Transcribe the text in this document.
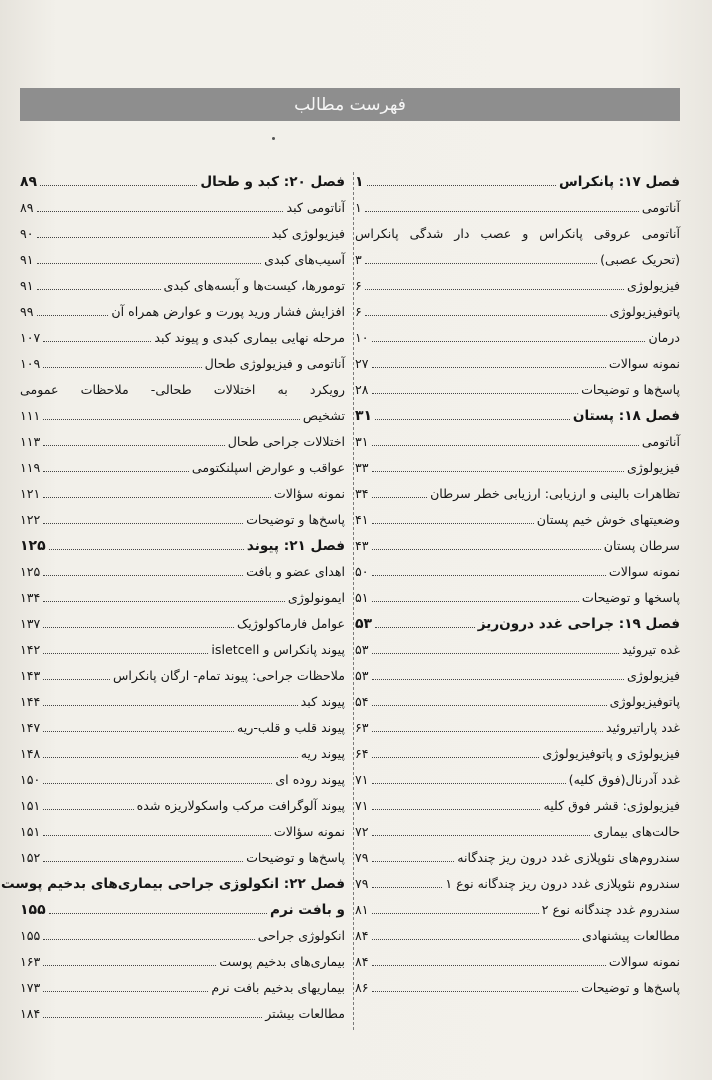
فهرست مطالب
فصل ۱۷: پانکراس
۱
آناتومی
۱
آناتومی عروقی پانکراس و عصب دار شدگی پانکراس
(تحریک عصبی)
۳
فیزیولوژی
۶
پاتوفیزیولوژی
۶
درمان
۱۰
نمونه سوالات
۲۷
پاسخ‌ها و توضیحات
۲۸
فصل ۱۸: پستان
۳۱
آناتومی
۳۱
فیزیولوژی
۳۳
تظاهرات بالینی و ارزیابی: ارزیابی خطر سرطان
۳۴
وضعیتهای خوش خیم پستان
۴۱
سرطان پستان
۴۳
نمونه سوالات
۵۰
پاسخها و توضیحات
۵۱
فصل ۱۹: جراحی غدد درون‌ریز
۵۳
غده تیروئید
۵۳
فیزیولوژی
۵۳
پاتوفیزیولوژی
۵۴
غدد پاراتیروئید
۶۳
فیزیولوژی و پاتوفیزیولوژی
۶۴
غدد آدرنال(فوق کلیه)
۷۱
فیزیولوژی: قشر فوق کلیه
۷۱
حالت‌های بیماری
۷۲
سندروم‌های نئوپلازی غدد درون ریز چندگانه
۷۹
سندروم نئوپلازی غدد درون ریز چندگانه نوع ۱
۷۹
سندروم غدد چندگانه نوع ۲
۸۱
مطالعات پیشنهادی
۸۴
نمونه سوالات
۸۴
پاسخ‌ها و توضیحات
۸۶
فصل ۲۰: کبد و طحال
۸۹
آناتومی کبد
۸۹
فیزیولوژی کبد
۹۰
آسیب‌های کبدی
۹۱
تومورها، کیست‌ها و آبسه‌های کبدی
۹۱
افزایش فشار ورید پورت و عوارض همراه آن
۹۹
مرحله نهایی بیماری کبدی و پیوند کبد
۱۰۷
آناتومی و فیزیولوژی طحال
۱۰۹
رویکرد به اختلالات طحالی- ملاحظات عمومی
تشخیص
۱۱۱
اختلالات جراحی طحال
۱۱۳
عواقب و عوارض اسپلنکتومی
۱۱۹
نمونه سؤالات
۱۲۱
پاسخ‌ها و توضیحات
۱۲۲
فصل ۲۱: پیوند
۱۲۵
اهدای عضو و بافت
۱۲۵
ایمونولوژی
۱۳۴
عوامل فارماکولوژیک
۱۳۷
پیوند پانکراس و isletcell
۱۴۲
ملاحظات جراحی: پیوند تمام- ارگان پانکراس
۱۴۳
پیوند کبد
۱۴۴
پیوند قلب و قلب-ریه
۱۴۷
پیوند ریه
۱۴۸
پیوند روده ای
۱۵۰
پیوند آلوگرافت مرکب واسکولاریزه شده
۱۵۱
نمونه سؤالات
۱۵۱
پاسخ‌ها و توضیحات
۱۵۲
فصل ۲۲: انکولوژی جراحی بیماری‌های بدخیم پوست
و بافت نرم
۱۵۵
انکولوژی جراحی
۱۵۵
بیماری‌های بدخیم پوست
۱۶۳
بیماریهای بدخیم بافت نرم
۱۷۳
مطالعات بیشتر
۱۸۴
